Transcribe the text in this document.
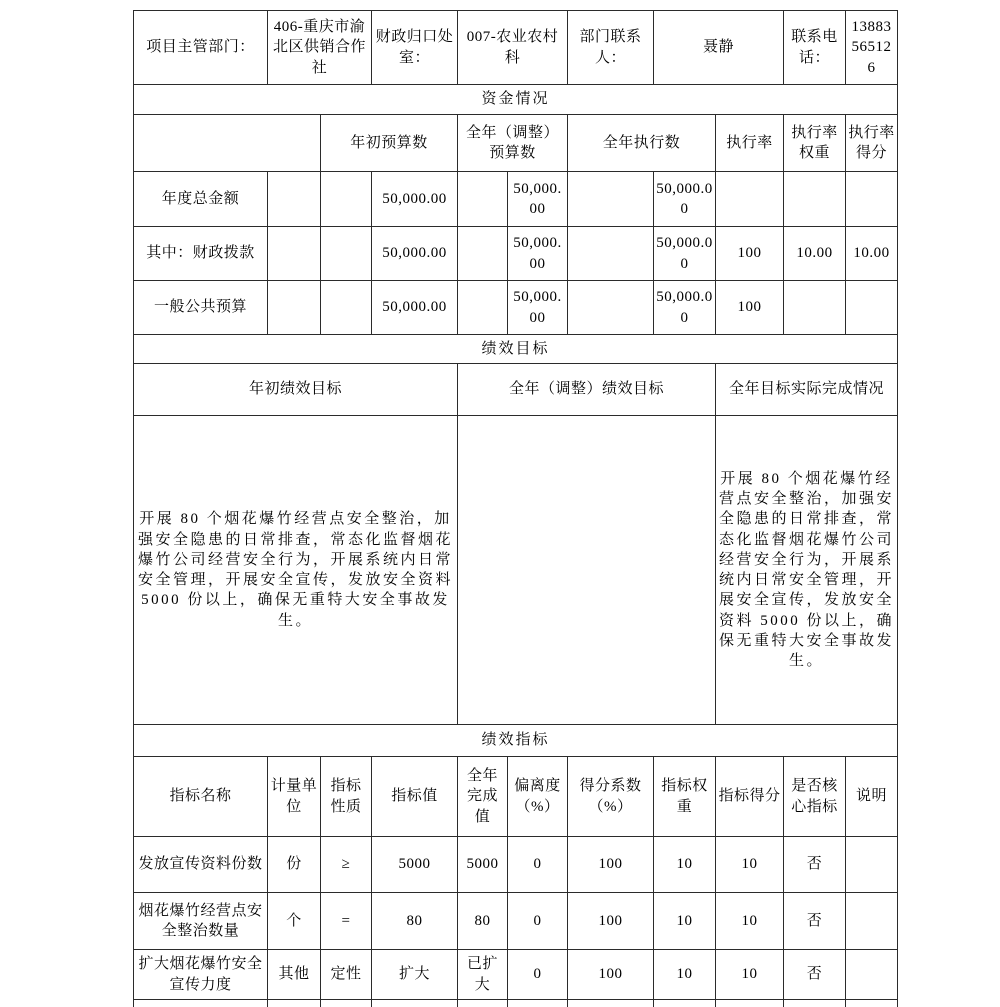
项目主管部门：	406-重庆市渝北区供销合作社		财政归口处室：	007-农业农村科		部门联系人：	聂静		联系电话：	13883565126
资金情况										
		年初预算数		全年（调整）预算数		全年执行数		执行率	执行率权重	执行率得分
年度总金额			50,000.00		50,000.00		50,000.00			
其中：财政拨款			50,000.00		50,000.00		50,000.00	100	10.00	10.00
一般公共预算			50,000.00		50,000.00		50,000.00	100		
绩效目标										
年初绩效目标				全年（调整）绩效目标				全年目标实际完成情况		
开展 80 个烟花爆竹经营点安全整治，加强安全隐患的日常排查，常态化监督烟花爆竹公司经营安全行为，开展系统内日常安全管理，开展安全宣传，发放安全资料 5000 份以上，确保无重特大安全事故发生。								开展 80 个烟花爆竹经营点安全整治，加强安全隐患的日常排查，常态化监督烟花爆竹公司经营安全行为，开展系统内日常安全管理，开展安全宣传，发放安全资料 5000 份以上，确保无重特大安全事故发生。		
绩效指标										
指标名称	计量单位	指标性质	指标值	全年完成值	偏离度（%）	得分系数（%）	指标权重	指标得分	是否核心指标	说明
发放宣传资料份数	份	≥	5000	5000	0	100	10	10	否	
烟花爆竹经营点安全整治数量	个	=	80	80	0	100	10	10	否	
扩大烟花爆竹安全宣传力度	其他	定性	扩大	已扩大	0	100	10	10	否	
